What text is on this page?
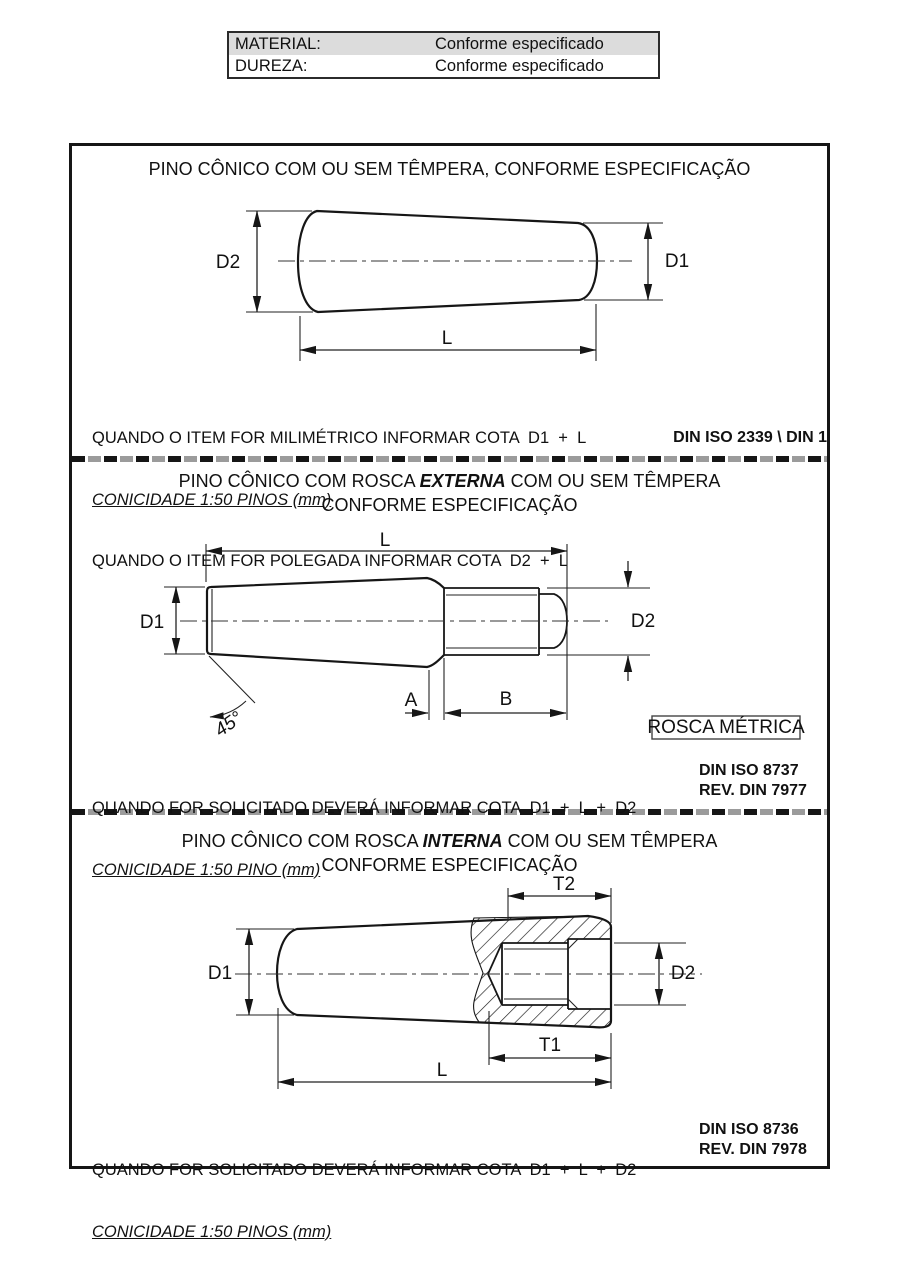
MATERIAL:	Conforme especificado
DUREZA:	Conforme especificado
PINO CÔNICO COM OU SEM TÊMPERA, CONFORME ESPECIFICAÇÃO
D2	D1
L

QUANDO O ITEM FOR MILIMÉTRICO INFORMAR COTA  D1  +  L

CONICIDADE 1:50 PINOS (mm)

QUANDO O ITEM FOR POLEGADA INFORMAR COTA  D2  +  L

DIN ISO 2339 \ DIN 1
PINO CÔNICO COM ROSCA EXTERNA COM OU SEM TÊMPERA
CONFORME ESPECIFICAÇÃO
L
D1
45°
D2
A	B
ROSCA MÉTRICA

QUANDO FOR SOLICITADO DEVERÁ INFORMAR COTA  D1  +  L  +  D2

CONICIDADE 1:50 PINO (mm)

DIN ISO 8737
REV. DIN 7977
PINO CÔNICO COM ROSCA INTERNA COM OU SEM TÊMPERA
CONFORME ESPECIFICAÇÃO
T2
D1	D2
T1
L

QUANDO FOR SOLICITADO DEVERÁ INFORMAR COTA  D1  +  L  +  D2

CONICIDADE 1:50 PINOS (mm)

DIN ISO 8736
REV. DIN 7978
